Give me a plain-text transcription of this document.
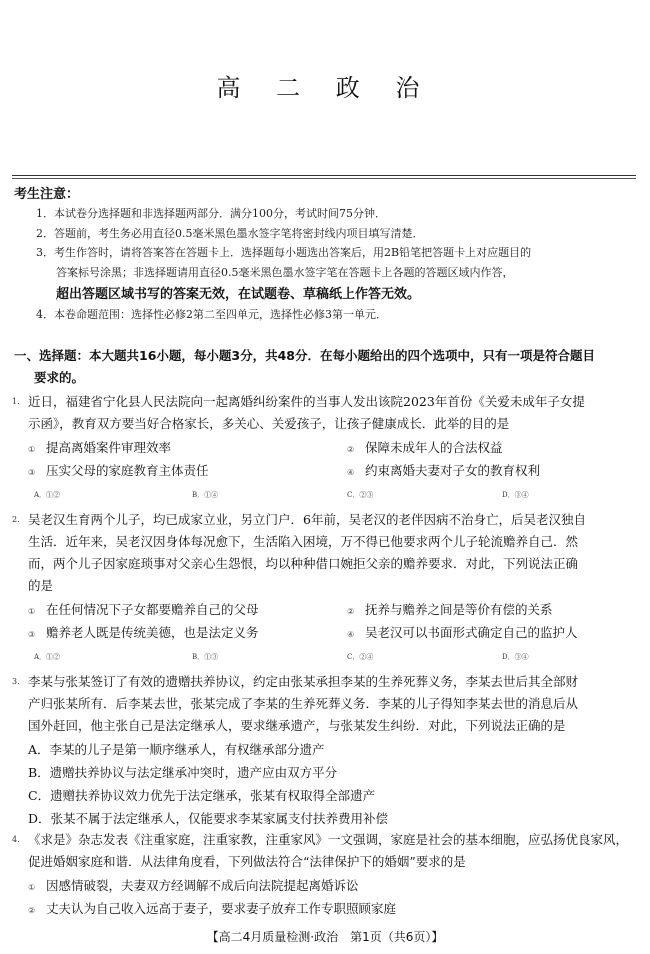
高 二 政 治
考生注意：
1．本试卷分选择题和非选择题两部分．满分100分，考试时间75分钟．
2．答题前，考生务必用直径0.5毫米黑色墨水签字笔将密封线内项目填写清楚．
3．考生作答时，请将答案答在答题卡上．选择题每小题选出答案后，用2B铅笔把答题卡上对应题目的
答案标号涂黑；非选择题请用直径0.5毫米黑色墨水签字笔在答题卡上各题的答题区域内作答，
超出答题区域书写的答案无效，在试题卷、草稿纸上作答无效。
4．本卷命题范围：选择性必修2第二至四单元，选择性必修3第一单元．
一、选择题：本大题共16小题，每小题3分，共48分．在每小题给出的四个选项中，只有一项是符合题目
要求的。
1． 近日，福建省宁化县人民法院向一起离婚纠纷案件的当事人发出该院2023年首份《关爱未成年子女提
示函》，教育双方要当好合格家长，多关心、关爱孩子，让孩子健康成长．此举的目的是
① 提高离婚案件审理效率	② 保障未成年人的合法权益
③ 压实父母的家庭教育主体责任	④ 约束离婚夫妻对子女的教育权利
A．①②	B．①④	C．②③	D．③④
2． 吴老汉生育两个儿子，均已成家立业，另立门户．6年前，吴老汉的老伴因病不治身亡，后吴老汉独自
生活．近年来，吴老汉因身体每况愈下，生活陷入困境，万不得已他要求两个儿子轮流赡养自己．然
而，两个儿子因家庭琐事对父亲心生怨恨，均以种种借口婉拒父亲的赡养要求．对此，下列说法正确
的是
① 在任何情况下子女都要赡养自己的父母	② 抚养与赡养之间是等价有偿的关系
③ 赡养老人既是传统美德，也是法定义务	④ 吴老汉可以书面形式确定自己的监护人
A．①②	B．①③	C．②④	D．③④
3． 李某与张某签订了有效的遗赠扶养协议，约定由张某承担李某的生养死葬义务，李某去世后其全部财
产归张某所有．后李某去世，张某完成了李某的生养死葬义务．李某的儿子得知李某去世的消息后从
国外赶回，他主张自己是法定继承人，要求继承遗产，与张某发生纠纷．对此，下列说法正确的是
A．李某的儿子是第一顺序继承人，有权继承部分遗产
B．遗赠扶养协议与法定继承冲突时，遗产应由双方平分
C．遗赠扶养协议效力优先于法定继承，张某有权取得全部遗产
D．张某不属于法定继承人，仅能要求李某家属支付扶养费用补偿
4． 《求是》杂志发表《注重家庭，注重家教，注重家风》一文强调，家庭是社会的基本细胞，应弘扬优良家风，
促进婚姻家庭和谐．从法律角度看，下列做法符合“法律保护下的婚姻”要求的是
① 因感情破裂，夫妻双方经调解不成后向法院提起离婚诉讼
② 丈夫认为自己收入远高于妻子，要求妻子放弃工作专职照顾家庭
【高二4月质量检测·政治　第1页（共6页）】
